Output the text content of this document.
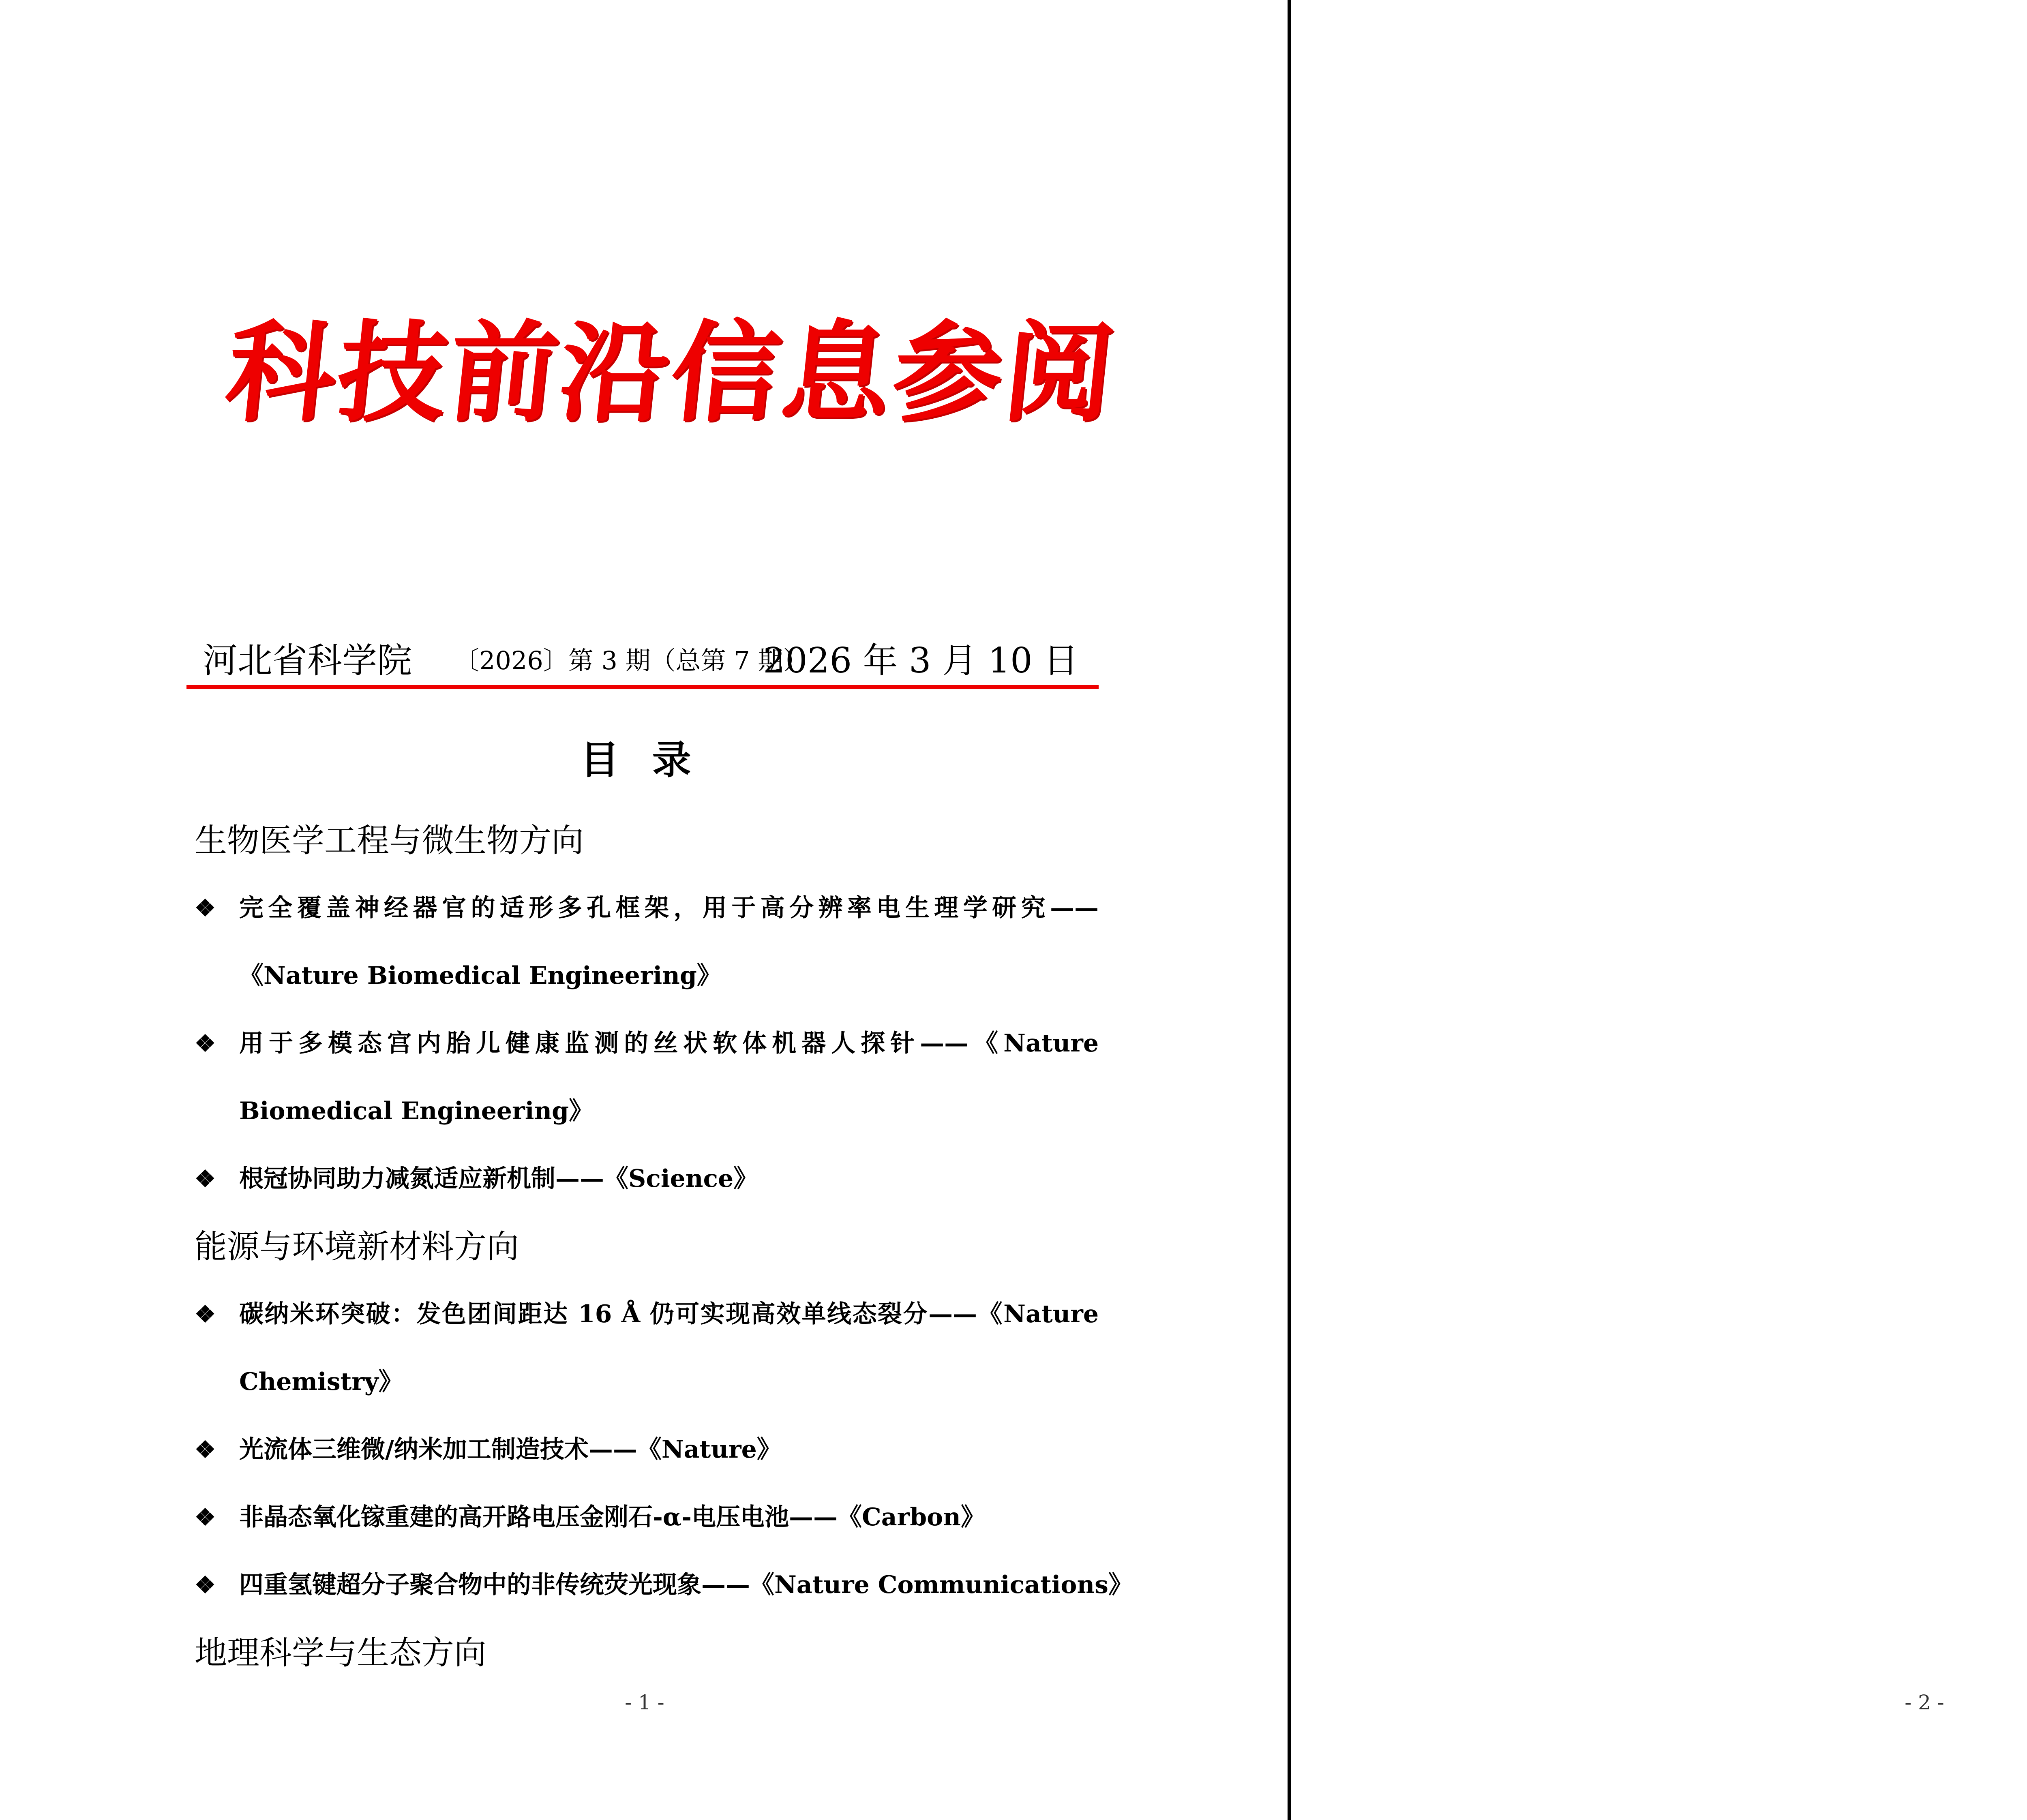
科技前沿信息参阅
河北省科学院 〔2026〕第 3 期（总第 7 期）
2026 年 3 月 10 日
目 录
生物医学工程与微生物方向
❖ 完全覆盖神经器官的适形多孔框架，用于高分辨率电生理学研究——
《Nature Biomedical Engineering》
❖ 用于多模态宫内胎儿健康监测的丝状软体机器人探针——《Nature
Biomedical Engineering》
❖ 根冠协同助力减氮适应新机制——《Science》
能源与环境新材料方向
❖ 碳纳米环突破：发色团间距达 16 Å 仍可实现高效单线态裂分——《Nature
Chemistry》
❖ 光流体三维微/纳米加工制造技术——《Nature》
❖ 非晶态氧化镓重建的高开路电压金刚石-α-电压电池——《Carbon》
❖ 四重氢键超分子聚合物中的非传统荧光现象——《Nature Communications》
地理科学与生态方向
- 1 -	- 2 -
